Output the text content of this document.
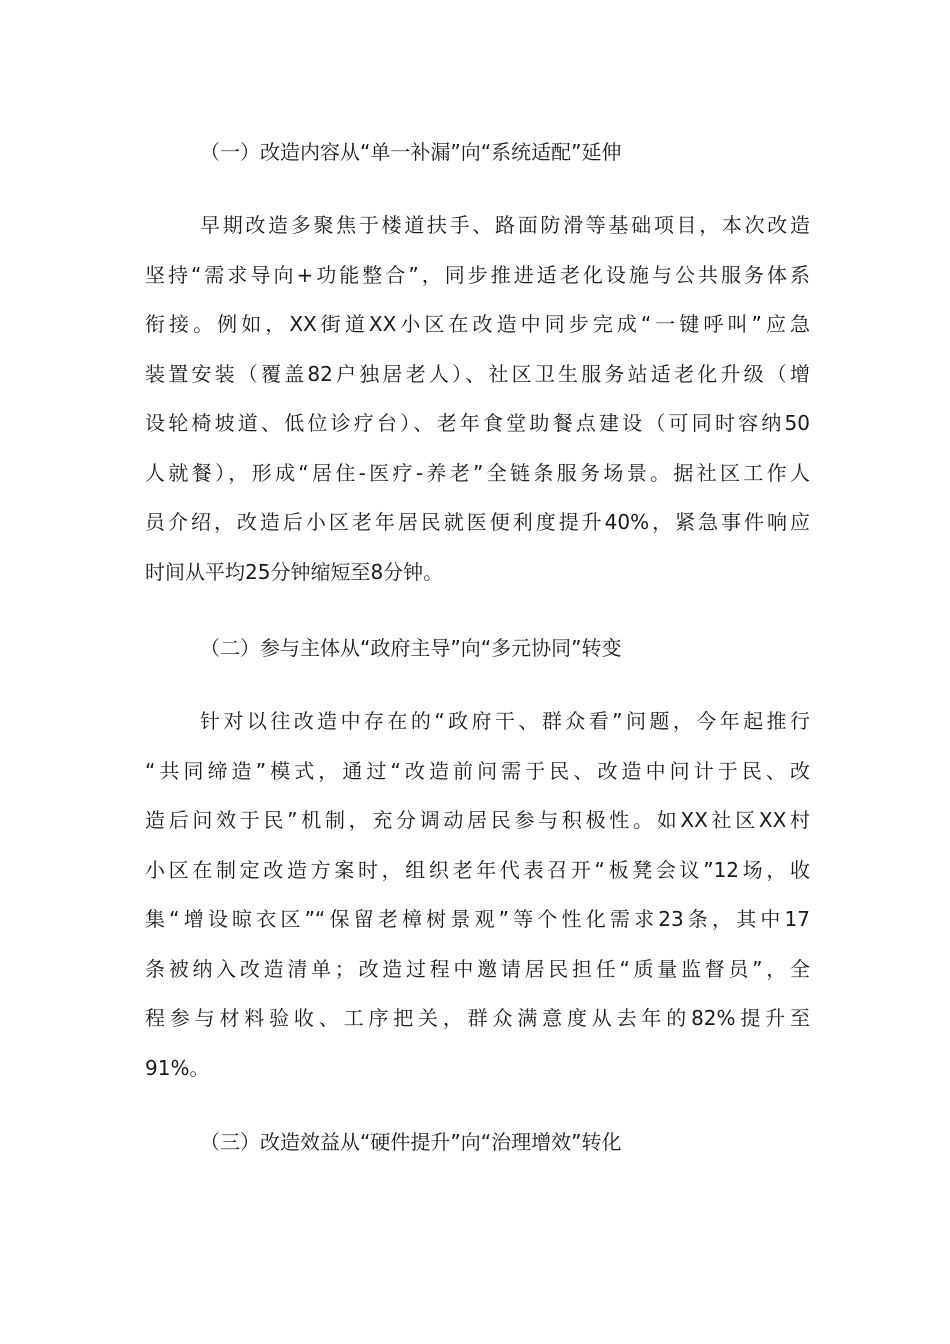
（一）改造内容从“单一补漏”向“系统适配”延伸

早期改造多聚焦于楼道扶手、路面防滑等基础项目，本次改造
坚持“需求导向+功能整合”，同步推进适老化设施与公共服务体系
衔接。例如，XX街道XX小区在改造中同步完成“一键呼叫”应急
装置安装（覆盖82户独居老人）、社区卫生服务站适老化升级（增
设轮椅坡道、低位诊疗台）、老年食堂助餐点建设（可同时容纳50
人就餐），形成“居住-医疗-养老”全链条服务场景。据社区工作人
员介绍，改造后小区老年居民就医便利度提升40%，紧急事件响应
时间从平均25分钟缩短至8分钟。

（二）参与主体从“政府主导”向“多元协同”转变

针对以往改造中存在的“政府干、群众看”问题，今年起推行
“共同缔造”模式，通过“改造前问需于民、改造中问计于民、改
造后问效于民”机制，充分调动居民参与积极性。如XX社区XX村
小区在制定改造方案时，组织老年代表召开“板凳会议”12场，收
集“增设晾衣区”“保留老樟树景观”等个性化需求23条，其中17
条被纳入改造清单；改造过程中邀请居民担任“质量监督员”，全
程参与材料验收、工序把关，群众满意度从去年的82%提升至
91%。

（三）改造效益从“硬件提升”向“治理增效”转化
